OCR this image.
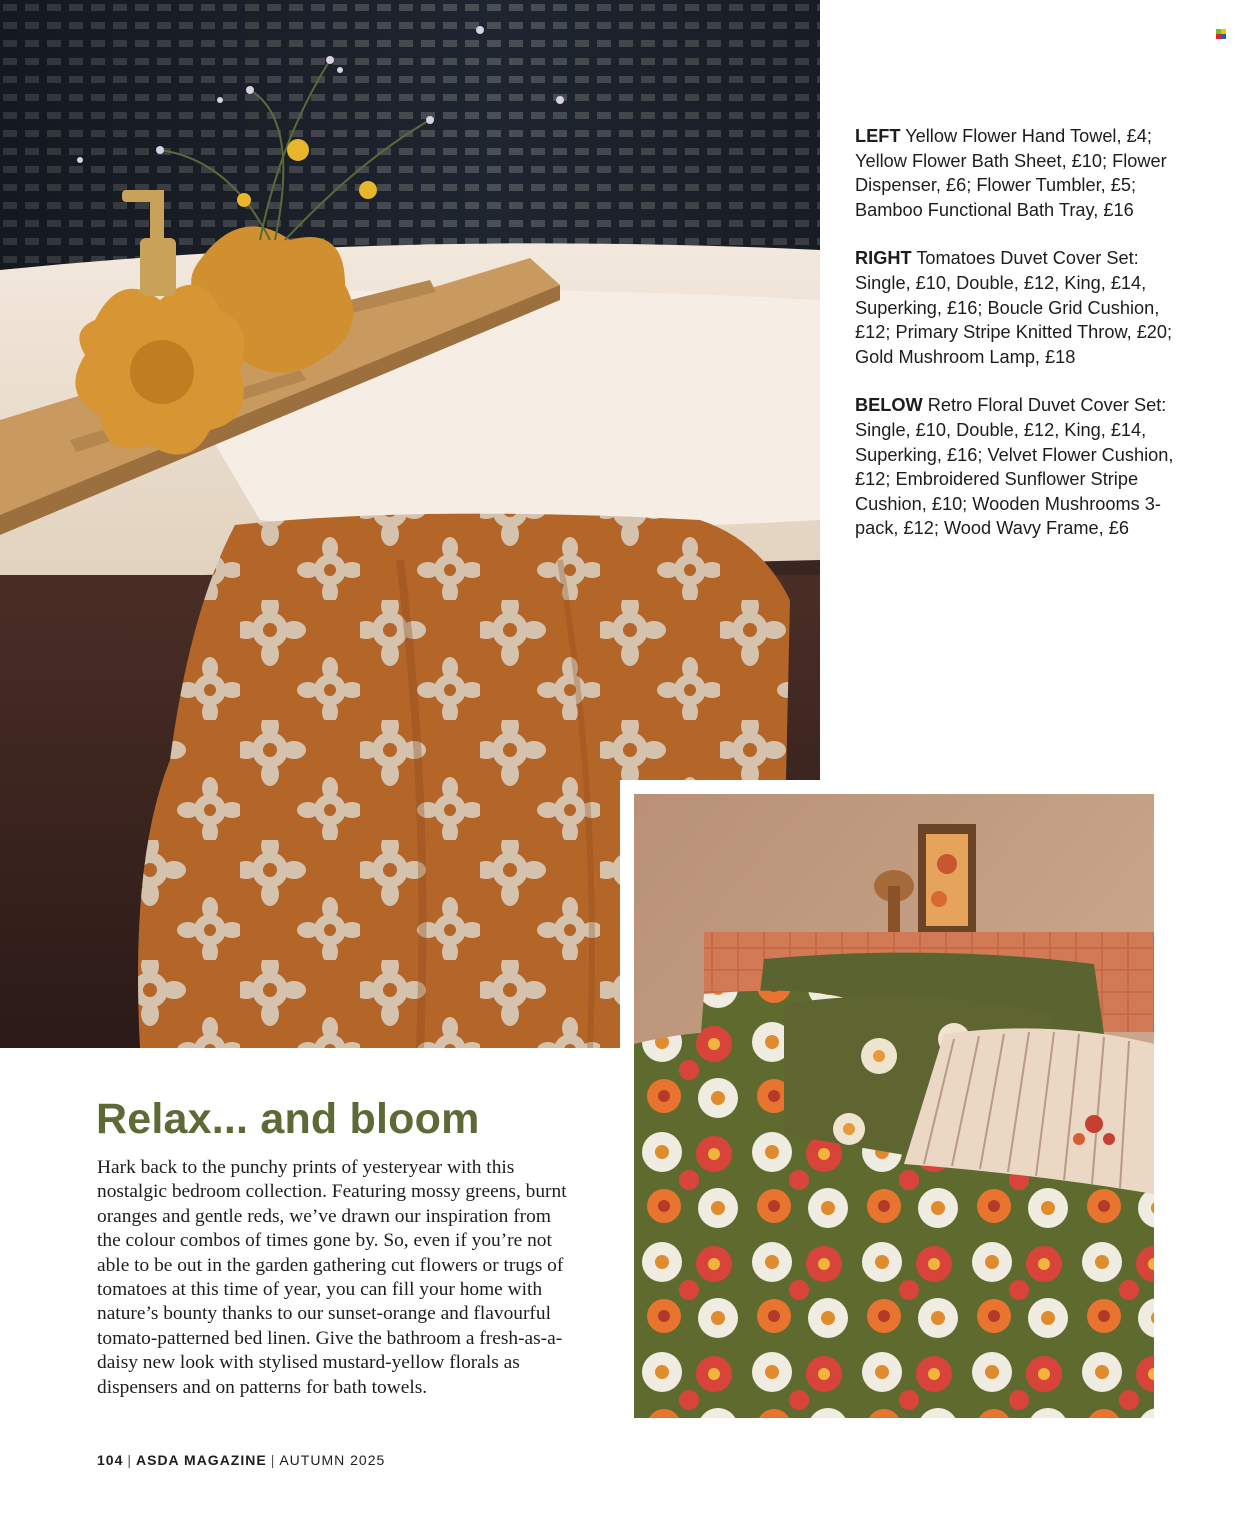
LEFT Yellow Flower Hand Towel, £4; Yellow Flower Bath Sheet, £10; Flower Dispenser, £6; Flower Tumbler, £5; Bamboo Functional Bath Tray, £16

RIGHT Tomatoes Duvet Cover Set: Single, £10, Double, £12, King, £14, Superking, £16; Boucle Grid Cushion, £12; Primary Stripe Knitted Throw, £20; Gold Mushroom Lamp, £18

BELOW Retro Floral Duvet Cover Set: Single, £10, Double, £12, King, £14, Superking, £16; Velvet Flower Cushion, £12; Embroidered Sunflower Stripe Cushion, £10; Wooden Mushrooms 3-pack, £12; Wood Wavy Frame, £6

Relax... and bloom

Hark back to the punchy prints of yesteryear with this nostalgic bedroom collection. Featuring mossy greens, burnt oranges and gentle reds, we’ve drawn our inspiration from the colour combos of times gone by. So, even if you’re not able to be out in the garden gathering cut flowers or trugs of tomatoes at this time of year, you can fill your home with nature’s bounty thanks to our sunset-orange and flavourful tomato-patterned bed linen. Give the bathroom a fresh-as-a-daisy new look with stylised mustard-yellow florals as dispensers and on patterns for bath towels.

104 | ASDA MAGAZINE | AUTUMN 2025
